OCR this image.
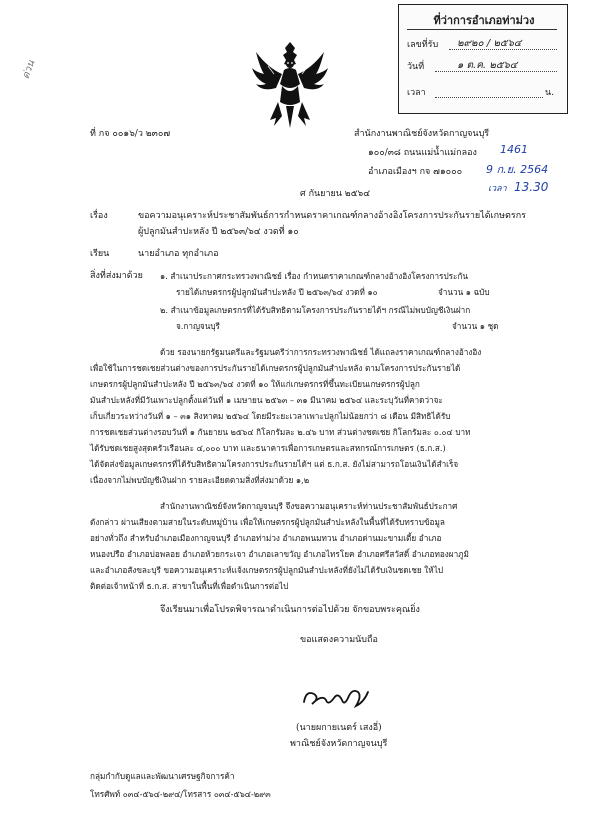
ด่วน
ที่ว่าการอำเภอท่าม่วง
เลขที่รับ ๒๙๒๐ / ๒๕๖๔
วันที่	๑ ต.ค. ๒๕๖๔
เวลา	น.
ที่ กจ ๐๐๑๖/ว ๒๓๐๗	สำนักงานพาณิชย์จังหวัดกาญจนบุรี
๑๐๐/๓๘ ถนนแม่น้ำแม่กลอง
อำเภอเมืองฯ กจ ๗๑๐๐๐
1461
9 ก.ย. 2564
เวลา 13.30
ศ กันยายน ๒๕๖๔
เรื่อง	ขอความอนุเคราะห์ประชาสัมพันธ์การกำหนดราคาเกณฑ์กลางอ้างอิงโครงการประกันรายได้เกษตรกร
ผู้ปลูกมันสำปะหลัง ปี ๒๕๖๓/๖๔ งวดที่ ๑๐
เรียน	นายอำเภอ ทุกอำเภอ
สิ่งที่ส่งมาด้วย ๑. สำเนาประกาศกระทรวงพาณิชย์ เรื่อง กำหนดราคาเกณฑ์กลางอ้างอิงโครงการประกัน
รายได้เกษตรกรผู้ปลูกมันสำปะหลัง ปี ๒๕๖๓/๖๔ งวดที่ ๑๐	จำนวน ๑ ฉบับ
๒. สำเนาข้อมูลเกษตรกรที่ได้รับสิทธิตามโครงการประกันรายได้ฯ กรณีไม่พบบัญชีเงินฝาก
จ.กาญจนบุรี	จำนวน ๑ ชุด
ด้วย รองนายกรัฐมนตรีและรัฐมนตรีว่าการกระทรวงพาณิชย์ ได้แถลงราคาเกณฑ์กลางอ้างอิง
เพื่อใช้ในการชดเชยส่วนต่างของการประกันรายได้เกษตรกรผู้ปลูกมันสำปะหลัง ตามโครงการประกันรายได้
เกษตรกรผู้ปลูกมันสำปะหลัง ปี ๒๕๖๓/๖๔ งวดที่ ๑๐ ให้แก่เกษตรกรที่ขึ้นทะเบียนเกษตรกรผู้ปลูก
มันสำปะหลังที่มีวันเพาะปลูกตั้งแต่วันที่ ๑ เมษายน ๒๕๖๓ – ๓๑ มีนาคม ๒๕๖๔ และระบุวันที่คาดว่าจะ
เก็บเกี่ยวระหว่างวันที่ ๑ – ๓๑ สิงหาคม ๒๕๖๔ โดยมีระยะเวลาเพาะปลูกไม่น้อยกว่า ๘ เดือน มีสิทธิได้รับ
การชดเชยส่วนต่างรอบวันที่ ๑ กันยายน ๒๕๖๔ กิโลกรัมละ ๒.๔๖ บาท ส่วนต่างชดเชย กิโลกรัมละ ๐.๐๔ บาท
ได้รับชดเชยสูงสุดครัวเรือนละ ๔,๐๐๐ บาท และธนาคารเพื่อการเกษตรและสหกรณ์การเกษตร (ธ.ก.ส.)
ได้จัดส่งข้อมูลเกษตรกรที่ได้รับสิทธิตามโครงการประกันรายได้ฯ แต่ ธ.ก.ส. ยังไม่สามารถโอนเงินได้สำเร็จ
เนื่องจากไม่พบบัญชีเงินฝาก รายละเอียดตามสิ่งที่ส่งมาด้วย ๑,๒
สำนักงานพาณิชย์จังหวัดกาญจนบุรี จึงขอความอนุเคราะห์ท่านประชาสัมพันธ์ประกาศ
ดังกล่าว ผ่านเสียงตามสายในระดับหมู่บ้าน เพื่อให้เกษตรกรผู้ปลูกมันสำปะหลังในพื้นที่ได้รับทราบข้อมูล
อย่างทั่วถึง สำหรับอำเภอเมืองกาญจนบุรี อำเภอท่าม่วง อำเภอพนมทวน อำเภอด่านมะขามเตี้ย อำเภอ
หนองปรือ อำเภอบ่อพลอย อำเภอห้วยกระเจา อำเภอเลาขวัญ อำเภอไทรโยค อำเภอศรีสวัสดิ์ อำเภอทองผาภูมิ
และอำเภอสังขละบุรี ขอความอนุเคราะห์แจ้งเกษตรกรผู้ปลูกมันสำปะหลังที่ยังไม่ได้รับเงินชดเชย ให้ไป
ติดต่อเจ้าหน้าที่ ธ.ก.ส. สาขาในพื้นที่เพื่อดำเนินการต่อไป
จึงเรียนมาเพื่อโปรดพิจารณาดำเนินการต่อไปด้วย จักขอบพระคุณยิ่ง
ขอแสดงความนับถือ
(นายผกายเนตร์ เสงอี่)
พาณิชย์จังหวัดกาญจนบุรี
กลุ่มกำกับดูแลและพัฒนาเศรษฐกิจการค้า
โทรศัพท์ ๐๓๔-๕๖๔-๒๙๔/โทรสาร ๐๓๔-๕๖๔-๒๙๓
